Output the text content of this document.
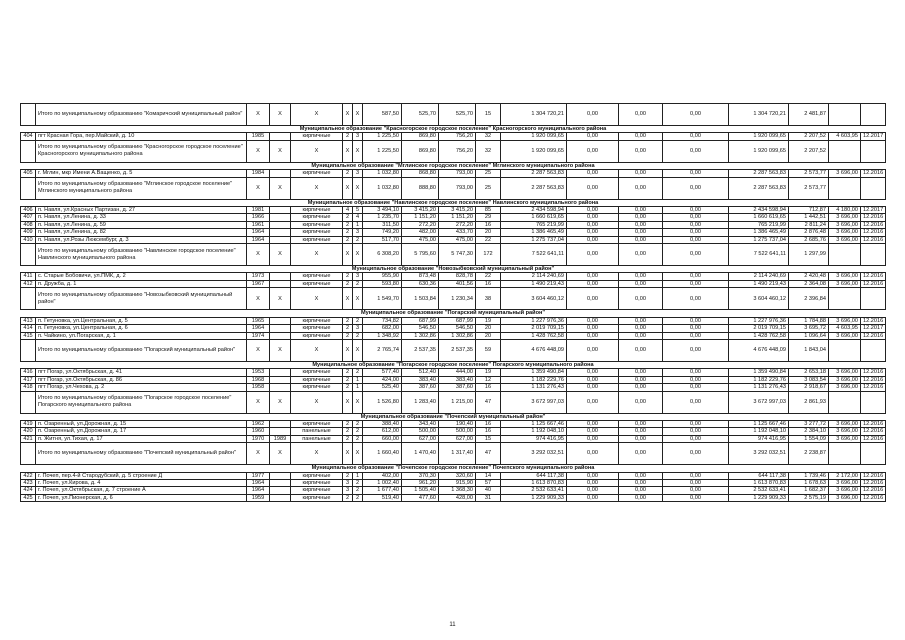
	Итого по муниципальному образованию "Комаричский муниципальный район"	X	X	X	X	X	587,50	525,70	525,70	15	1 304 720,21	0,00	0,00	0,00	1 304 720,21	2 481,87		
Муниципальное образование "Красногорское городское поселение" Красногорского муниципального района																		
404	пгт Красная Гора, пер.Майский, д. 10	1985		кирпичные	2	3	1 225,50	869,80	756,20	32	1 920 099,65	0,00	0,00	0,00	1 920 099,65	2 207,52	4 603,95	12.2017
	Итого по муниципальному образованию "Красногорское городское поселение" Красногорского муниципального района	X	X	X	X	X	1 225,50	869,80	756,20	32	1 920 099,65	0,00	0,00	0,00	1 920 099,65	2 207,52		
Муниципальное образование "Мглинское городское поселение" Мглинского муниципального района																		
405	г. Мглин, мкр Имени А.Ващенко, д. 5	1984		кирпичные	2	3	1 032,80	868,80	793,00	25	2 287 563,83	0,00	0,00	0,00	2 287 563,83	2 573,77	3 696,00	12.2016
	Итого по муниципальному образованию "Мглинское городское поселение" Мглинского муниципального района	X	X	X	X	X	1 032,80	888,80	793,00	25	2 287 563,83	0,00	0,00	0,00	2 287 563,83	2 573,77		
Муниципальное образование "Навлинское городское поселение" Навлинского муниципального района																		
406	п. Навля, ул.Красных Партизан, д. 27	1981		кирпичные	4	5	3 494,10	3 415,20	3 415,20	85	2 434 598,94	0,00	0,00	0,00	2 434 598,94	712,87	4 180,00	12.2017
407	п. Навля, ул.Ленина, д. 33	1966		кирпичные	2	4	1 235,70	1 151,20	1 151,20	29	1 660 619,65	0,00	0,00	0,00	1 660 619,65	1 442,51	3 696,00	12.2016
408	п. Навля, ул.Ленина, д. 59	1961		кирпичные	2	1	311,50	272,20	272,20	16	765 219,99	0,00	0,00	0,00	765 219,99	2 811,24	3 696,00	12.2016
409	п. Навля, ул.Ленина, д. 82	1964		кирпичные	2	3	749,20	482,00	433,70	20	1 386 465,49	0,00	0,00	0,00	1 386 465,49	2 876,48	3 696,00	12.2016
410	п. Навля, ул.Розы Люксембург, д. 3	1964		кирпичные	2	2	517,70	475,00	475,00	22	1 275 737,04	0,00	0,00	0,00	1 275 737,04	2 685,76	3 696,00	12.2016
	Итого по муниципальному образованию "Навлинское городское поселение" Навлинского муниципального района	X	X	X	X	X	6 308,20	5 795,60	5 747,30	172	7 522 641,11	0,00	0,00	0,00	7 522 641,11	1 297,99		
Муниципальное образование "Новозыбковский муниципальный район"																		
411	с. Старые Бобовичи, ул.ПМК, д. 2	1973		кирпичные	2	3	955,90	873,48	828,78	22	2 114 240,69	0,00	0,00	0,00	2 114 240,69	2 420,48	3 696,00	12.2016
412	п. Дружба, д. 1	1967		кирпичные	2	2	593,80	630,36	401,56	16	1 490 219,43	0,00	0,00	0,00	1 490 219,43	2 364,08	3 696,00	12.2016
	Итого по муниципальному образованию "Новозыбковский муниципальный район"	X	X	X	X	X	1 549,70	1 503,84	1 230,34	38	3 604 460,12	0,00	0,00	0,00	3 604 460,12	2 396,84		
Муниципальное образование "Погарский муниципальный район"																		
413	п. Гетуновка, ул.Центральная, д. 5	1965		кирпичные	2	2	734,82	687,99	687,99	19	1 227 976,36	0,00	0,00	0,00	1 227 976,36	1 784,88	3 696,00	12.2016
414	п. Гетуновка, ул.Центральная, д. 6	1964		кирпичные	2	3	682,00	546,50	546,50	20	2 019 709,15	0,00	0,00	0,00	2 019 709,15	3 695,72	4 603,95	12.2017
415	п. Чайкино, ул.Погарская, д. 1	1974		кирпичные	2	2	1 348,92	1 302,86	1 302,86	20	1 428 762,58	0,00	0,00	0,00	1 428 762,58	1 096,64	3 696,00	12.2016
	Итого по муниципальному образованию "Погарский муниципальный район"	X	X	X	X	X	2 765,74	2 537,35	2 537,35	59	4 676 448,09	0,00	0,00	0,00	4 676 448,09	1 843,04		
Муниципальное образование "Погарское городское поселение" Погарского муниципального района																		
416	пгт Погар, ул.Октябрьская, д. 41	1953		кирпичные	2	2	577,40	512,40	444,00	19	1 359 490,84	0,00	0,00	0,00	1 359 490,84	2 653,18	3 696,00	12.2016
417	пгт Погар, ул.Октябрьская, д. 86	1968		кирпичные	2	1	424,00	383,40	383,40	12	1 182 229,76	0,00	0,00	0,00	1 182 229,76	3 083,54	3 696,00	12.2016
418	пгт Погар, ул.Чехова, д. 2	1958		кирпичные	2	1	525,40	387,60	387,60	16	1 131 276,43	0,00	0,00	0,00	1 131 276,43	2 918,67	3 696,00	12.2016
	Итого по муниципальному образованию "Погарское городское поселение" Погарского муниципального района	X	X	X	X	X	1 526,80	1 283,40	1 215,00	47	3 672 997,03	0,00	0,00	0,00	3 672 997,03	2 861,93		
Муниципальное образование "Почепский муниципальный район"																		
419	п. Озаренный, ул.Дорожная, д. 15	1962		кирпичные	2	2	388,40	343,40	190,40	16	1 125 667,46	0,00	0,00	0,00	1 125 667,46	3 277,72	3 696,00	12.2016
420	п. Озаренный, ул.Дорожная, д. 17	1960		панельные	2	2	612,00	500,00	500,00	16	1 192 048,10	0,00	0,00	0,00	1 192 048,10	2 384,10	3 696,00	12.2016
421	п. Житня, ул.Тихая, д. 17	1970	1989	панельные	2	2	660,00	627,00	627,00	15	974 416,95	0,00	0,00	0,00	974 416,95	1 554,09	3 696,00	12.2016
	Итого по муниципальному образованию "Почепский муниципальный район"	X	X	X	X	X	1 660,40	1 470,40	1 317,40	47	3 292 032,51	0,00	0,00	0,00	3 292 032,51	2 238,87		
Муниципальное образование "Почепское городское поселение" Почепского муниципального района																		
422	г. Почеп, пер.4-й Стародубский, д. 5 строение Д	1977		кирпичные	2	1	402,00	370,30	320,60	14	644 117,38	0,00	0,00	0,00	644 117,38	1 739,46	2 172,00	12.2016
423	г. Почеп, ул.Кирова, д. 4	1964		кирпичные	3	2	1 002,40	961,20	915,90	57	1 613 870,83	0,00	0,00	0,00	1 613 870,83	1 678,63	3 696,00	12.2016
424	г. Почеп, ул.Октябрьская, д. 7 строение А	1964		кирпичные	3	2	1 677,40	1 505,40	1 368,30	40	2 532 633,41	0,00	0,00	0,00	2 532 633,41	1 682,37	3 696,00	12.2016
425	г. Почеп, ул.Пионерская, д. 6	1959		кирпичные	2	2	519,40	477,60	428,00	31	1 229 909,33	0,00	0,00	0,00	1 229 909,33	2 575,19	3 696,00	12.2016
11
